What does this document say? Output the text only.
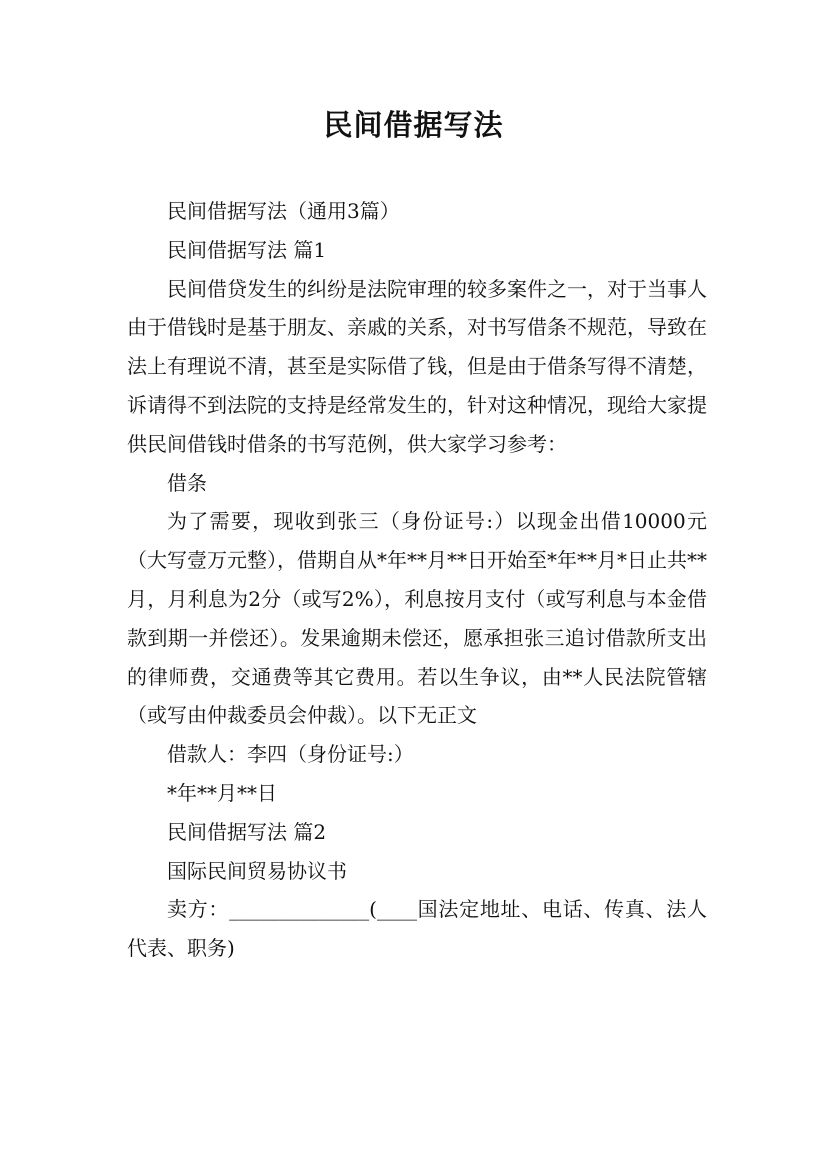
民间借据写法

民间借据写法（通用3篇）

民间借据写法 篇1

民间借贷发生的纠纷是法院审理的较多案件之一，对于当事人由于借钱时是基于朋友、亲戚的关系，对书写借条不规范，导致在法上有理说不清，甚至是实际借了钱，但是由于借条写得不清楚，诉请得不到法院的支持是经常发生的，针对这种情况，现给大家提供民间借钱时借条的书写范例，供大家学习参考：

借条

为了需要，现收到张三（身份证号:）以现金出借10000元（大写壹万元整），借期自从*年**月**日开始至*年**月*日止共**月，月利息为2分（或写2%），利息按月支付（或写利息与本金借款到期一并偿还）。发果逾期未偿还，愿承担张三追讨借款所支出的律师费，交通费等其它费用。若以生争议，由**人民法院管辖（或写由仲裁委员会仲裁）。以下无正文

借款人：李四（身份证号:）

*年**月**日

民间借据写法 篇2

国际民间贸易协议书

卖方：______________(____国法定地址、电话、传真、法人代表、职务)
